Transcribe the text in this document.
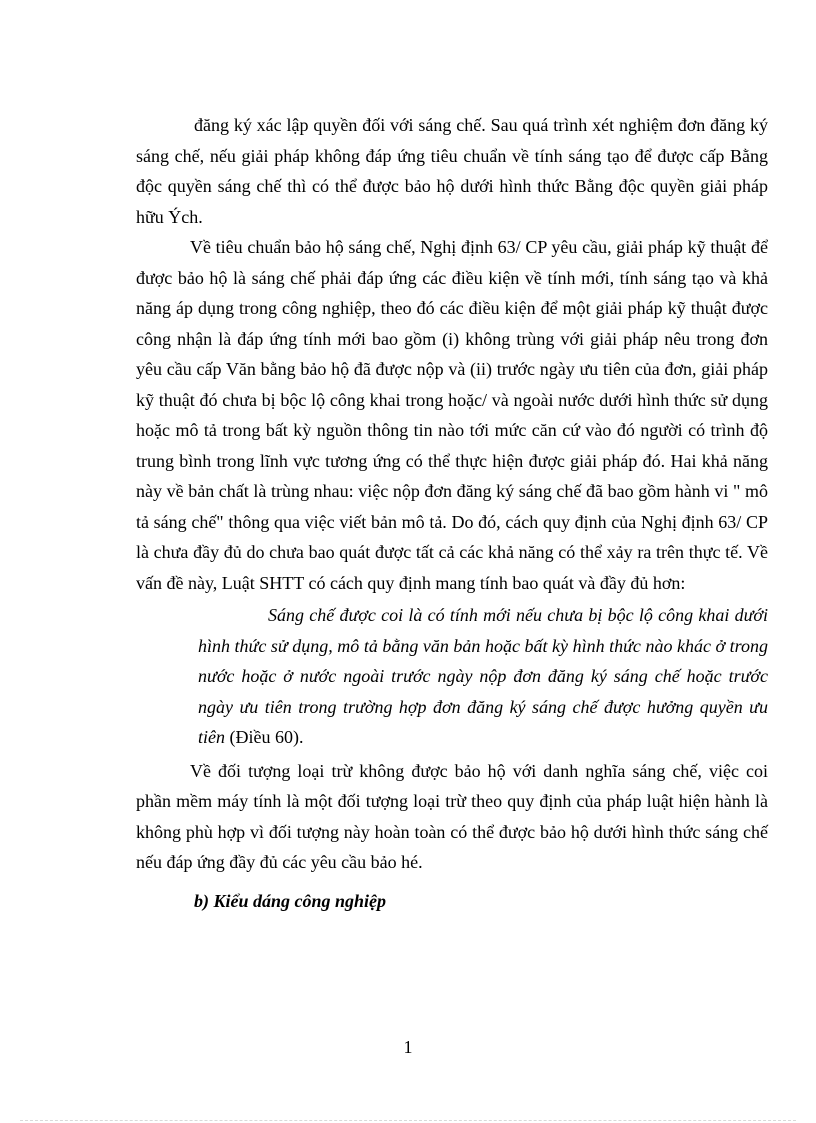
đăng ký xác lập quyền đối với sáng chế. Sau quá trình xét nghiệm đơn đăng ký sáng chế, nếu giải pháp không đáp ứng tiêu chuẩn về tính sáng tạo để được cấp Bằng độc quyền sáng chế thì có thể được bảo hộ dưới hình thức Bằng độc quyền giải pháp hữu Ých.

Về tiêu chuẩn bảo hộ sáng chế, Nghị định 63/ CP yêu cầu, giải pháp kỹ thuật để được bảo hộ là sáng chế phải đáp ứng các điều kiện về tính mới, tính sáng tạo và khả năng áp dụng trong công nghiệp, theo đó các điều kiện để một giải pháp kỹ thuật được công nhận là đáp ứng tính mới bao gồm (i) không trùng với giải pháp nêu trong đơn yêu cầu cấp Văn bằng bảo hộ đã được nộp và (ii) trước ngày ưu tiên của đơn, giải pháp kỹ thuật đó chưa bị bộc lộ công khai trong hoặc/ và ngoài nước dưới hình thức sử dụng hoặc mô tả trong bất kỳ nguồn thông tin nào tới mức căn cứ vào đó người có trình độ trung bình trong lĩnh vực tương ứng có thể thực hiện được giải pháp đó. Hai khả năng này về bản chất là trùng nhau: việc nộp đơn đăng ký sáng chế đã bao gồm hành vi " mô tả sáng chế" thông qua việc viết bản mô tả. Do đó, cách quy định của Nghị định 63/ CP là chưa đầy đủ do chưa bao quát được tất cả các khả năng có thể xảy ra trên thực tế. Về vấn đề này, Luật SHTT có cách quy định mang tính bao quát và đầy đủ hơn:

Sáng chế được coi là có tính mới nếu chưa bị bộc lộ công khai dưới hình thức sử dụng, mô tả bằng văn bản hoặc bất kỳ hình thức nào khác ở trong nước hoặc ở nước ngoài trước ngày nộp đơn đăng ký sáng chế hoặc trước ngày ưu tiên trong trường hợp đơn đăng ký sáng chế được hưởng quyền ưu tiên (Điều 60).

Về đối tượng loại trừ không được bảo hộ với danh nghĩa sáng chế, việc coi phần mềm máy tính là một đối tượng loại trừ theo quy định của pháp luật hiện hành là không phù hợp vì đối tượng này hoàn toàn có thể được bảo hộ dưới hình thức sáng chế nếu đáp ứng đầy đủ các yêu cầu bảo hé.

b) Kiểu dáng công nghiệp
1
